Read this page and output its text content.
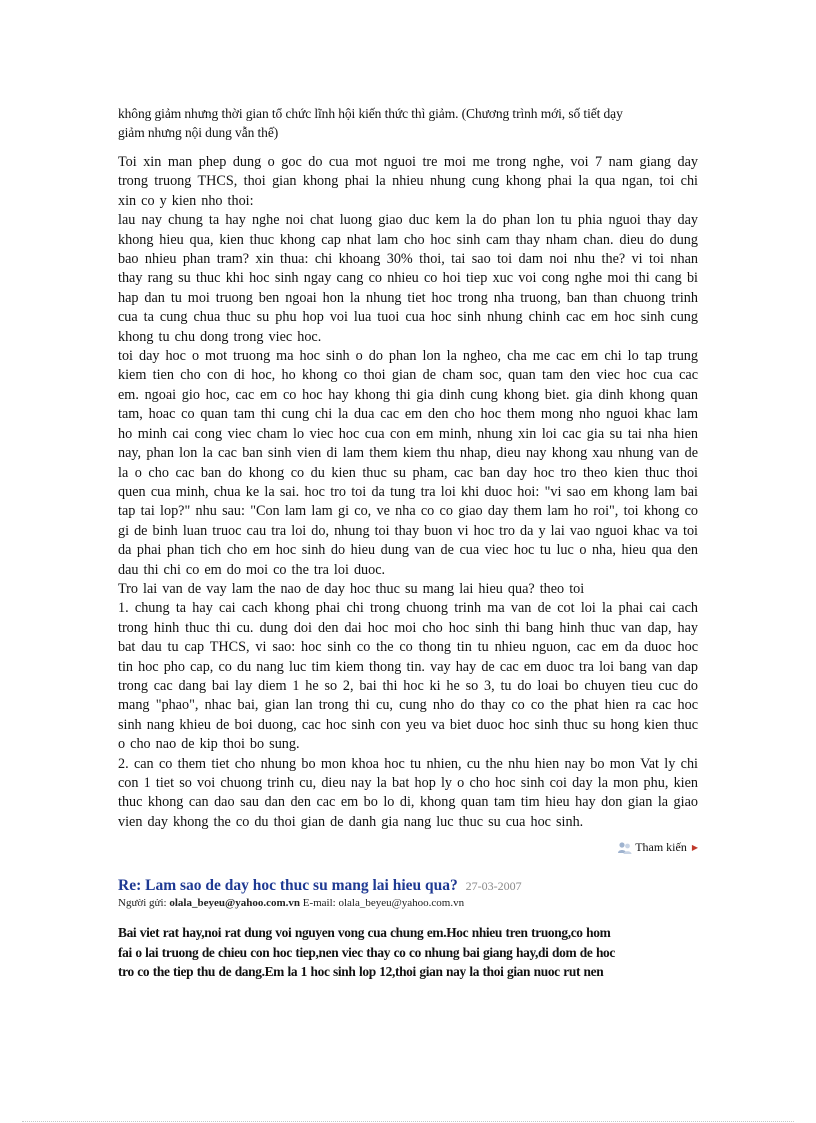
không giảm nhưng thời gian tổ chức lĩnh hội kiến thức thì giảm. (Chương trình mới, số tiết dạy
giảm nhưng nội dung vẫn thế)

Toi xin man phep dung o goc do cua mot nguoi tre moi me trong nghe, voi 7 nam giang day trong truong THCS, thoi gian khong phai la nhieu nhung cung khong phai la qua ngan, toi chi xin co y kien nho thoi:

lau nay chung ta hay nghe noi chat luong giao duc kem la do phan lon tu phia nguoi thay day khong hieu qua, kien thuc khong cap nhat lam cho hoc sinh cam thay nham chan. dieu do dung bao nhieu phan tram? xin thua: chi khoang 30% thoi, tai sao toi dam noi nhu the? vi toi nhan thay rang su thuc khi hoc sinh ngay cang co nhieu co hoi tiep xuc voi cong nghe moi thi cang bi hap dan tu moi truong ben ngoai hon la nhung tiet hoc trong nha truong, ban than chuong trinh cua ta cung chua thuc su phu hop voi lua tuoi cua hoc sinh nhung chinh cac em hoc sinh cung khong tu chu dong trong viec hoc.

toi day hoc o mot truong ma hoc sinh o do phan lon la ngheo, cha me cac em chi lo tap trung kiem tien cho con di hoc, ho khong co thoi gian de cham soc, quan tam den viec hoc cua cac em. ngoai gio hoc, cac em co hoc hay khong thi gia dinh cung khong biet. gia dinh khong quan tam, hoac co quan tam thi cung chi la dua cac em den cho hoc them mong nho nguoi khac lam ho minh cai cong viec cham lo viec hoc cua con em minh, nhung xin loi cac gia su tai nha hien nay, phan lon la cac ban sinh vien di lam them kiem thu nhap, dieu nay khong xau nhung van de la o cho cac ban do khong co du kien thuc su pham, cac ban day hoc tro theo kien thuc thoi quen cua minh, chua ke la sai. hoc tro toi da tung tra loi khi duoc hoi: "vi sao em khong lam bai tap tai lop?" nhu sau: "Con lam lam gi co, ve nha co co giao day them lam ho roi", toi khong co gi de binh luan truoc cau tra loi do, nhung toi thay buon vi hoc tro da y lai vao nguoi khac va toi da phai phan tich cho em hoc sinh do hieu dung van de cua viec hoc tu luc o nha, hieu qua den dau thi chi co em do moi co the tra loi duoc.

Tro lai van de vay lam the nao de day hoc thuc su mang lai hieu qua? theo toi

1. chung ta hay cai cach khong phai chi trong chuong trinh ma van de cot loi la phai cai cach trong hinh thuc thi cu. dung doi den dai hoc moi cho hoc sinh thi bang hinh thuc van dap, hay bat dau tu cap THCS, vi sao: hoc sinh co the co thong tin tu nhieu nguon, cac em da duoc hoc tin hoc pho cap, co du nang luc tim kiem thong tin. vay hay de cac em duoc tra loi bang van dap trong cac dang bai lay diem 1 he so 2, bai thi hoc ki he so 3, tu do loai bo chuyen tieu cuc do mang "phao", nhac bai, gian lan trong thi cu, cung nho do thay co co the phat hien ra cac hoc sinh nang khieu de boi duong, cac hoc sinh con yeu va biet duoc hoc sinh thuc su hong kien thuc o cho nao de kip thoi bo sung.

2. can co them tiet cho nhung bo mon khoa hoc tu nhien, cu the nhu hien nay bo mon Vat ly chi con 1 tiet so voi chuong trinh cu, dieu nay la bat hop ly o cho hoc sinh coi day la mon phu, kien thuc khong can dao sau dan den cac em bo lo di, khong quan tam tim hieu hay don gian la giao vien day khong the co du thoi gian de danh gia nang luc thuc su cua hoc sinh.

Tham kiến ▶
Re: Lam sao de day hoc thuc su mang lai hieu qua? 27-03-2007
Người gửi: olala_beyeu@yahoo.com.vn E-mail: olala_beyeu@yahoo.com.vn
Bai viet rat hay,noi rat dung voi nguyen vong cua chung em.Hoc nhieu tren truong,co hom
fai o lai truong de chieu con hoc tiep,nen viec thay co co nhung bai giang hay,di dom de hoc
tro co the tiep thu de dang.Em la 1 hoc sinh lop 12,thoi gian nay la thoi gian nuoc rut nen
